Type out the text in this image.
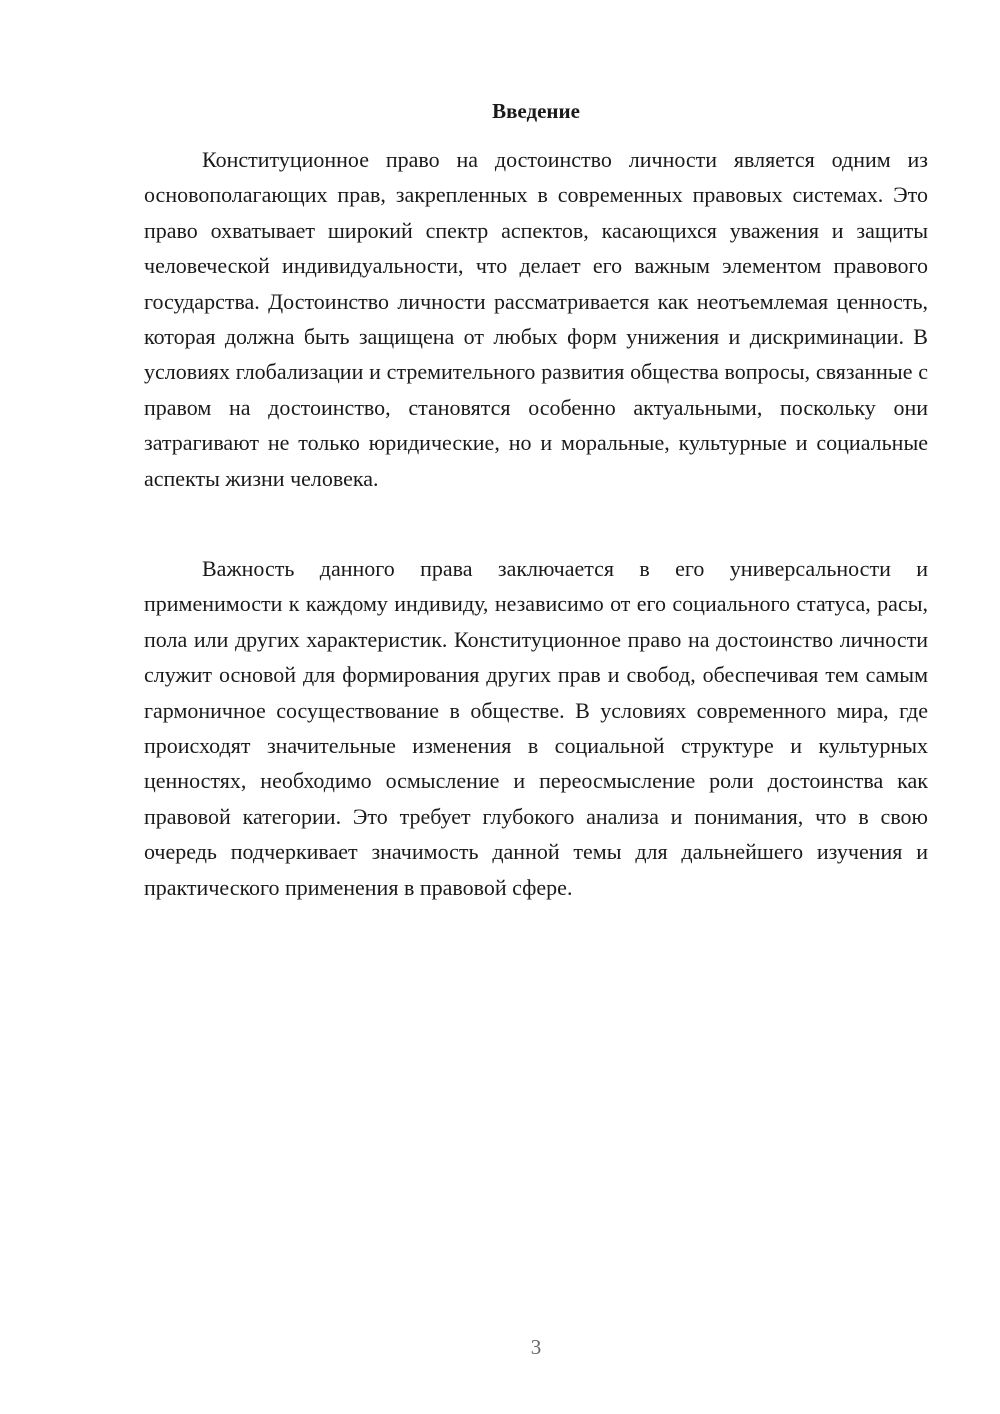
Введение

Конституционное право на достоинство личности является одним из основополагающих прав, закрепленных в современных правовых системах. Это право охватывает широкий спектр аспектов, касающихся уважения и защиты человеческой индивидуальности, что делает его важным элементом правового государства. Достоинство личности рассматривается как неотъемлемая ценность, которая должна быть защищена от любых форм унижения и дискриминации. В условиях глобализации и стремительного развития общества вопросы, связанные с правом на достоинство, становятся особенно актуальными, поскольку они затрагивают не только юридические, но и моральные, культурные и социальные аспекты жизни человека.

Важность данного права заключается в его универсальности и применимости к каждому индивиду, независимо от его социального статуса, расы, пола или других характеристик. Конституционное право на достоинство личности служит основой для формирования других прав и свобод, обеспечивая тем самым гармоничное сосуществование в обществе. В условиях современного мира, где происходят значительные изменения в социальной структуре и культурных ценностях, необходимо осмысление и переосмысление роли достоинства как правовой категории. Это требует глубокого анализа и понимания, что в свою очередь подчеркивает значимость данной темы для дальнейшего изучения и практического применения в правовой сфере.

3
